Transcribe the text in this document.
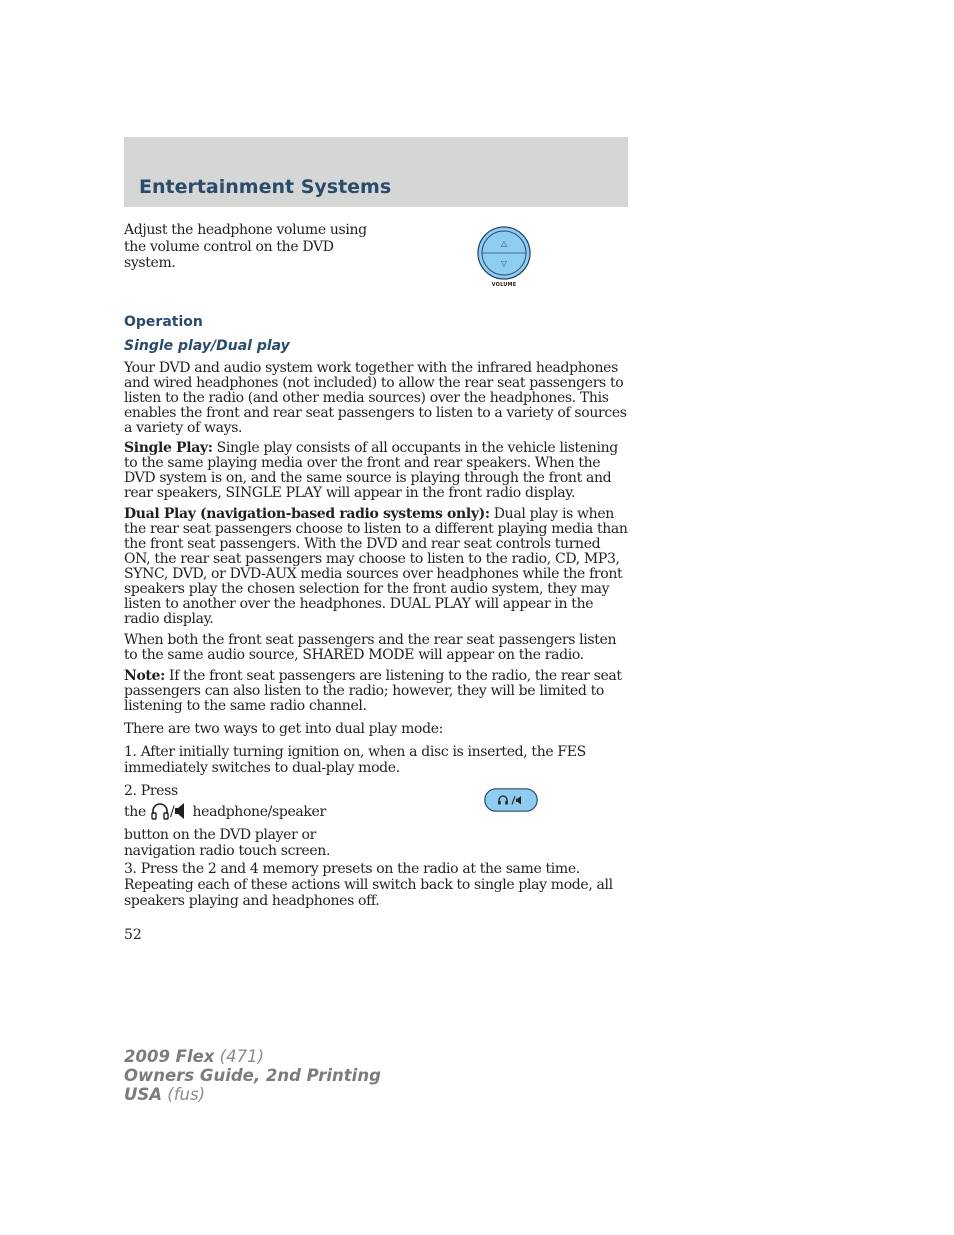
Entertainment Systems

Adjust the headphone volume using the volume control on the DVD system.

△
▽
VOLUME
Operation
Single play/Dual play

Your DVD and audio system work together with the infrared headphones and wired headphones (not included) to allow the rear seat passengers to listen to the radio (and other media sources) over the headphones. This enables the front and rear seat passengers to listen to a variety of sources a variety of ways.

Single Play: Single play consists of all occupants in the vehicle listening to the same playing media over the front and rear speakers. When the DVD system is on, and the same source is playing through the front and rear speakers, SINGLE PLAY will appear in the front radio display.

Dual Play (navigation-based radio systems only): Dual play is when the rear seat passengers choose to listen to a different playing media than the front seat passengers. With the DVD and rear seat controls turned ON, the rear seat passengers may choose to listen to the radio, CD, MP3, SYNC, DVD, or DVD-AUX media sources over headphones while the front speakers play the chosen selection for the front audio system, they may listen to another over the headphones. DUAL PLAY will appear in the radio display.

When both the front seat passengers and the rear seat passengers listen to the same audio source, SHARED MODE will appear on the radio.

Note: If the front seat passengers are listening to the radio, the rear seat passengers can also listen to the radio; however, they will be limited to listening to the same radio channel.

There are two ways to get into dual play mode:

1. After initially turning ignition on, when a disc is inserted, the FES immediately switches to dual-play mode.

2. Press
the / headphone/speaker
button on the DVD player or navigation radio touch screen.

3. Press the 2 and 4 memory presets on the radio at the same time. Repeating each of these actions will switch back to single play mode, all speakers playing and headphones off.

52
2009 Flex (471)
Owners Guide, 2nd Printing
USA (fus)
